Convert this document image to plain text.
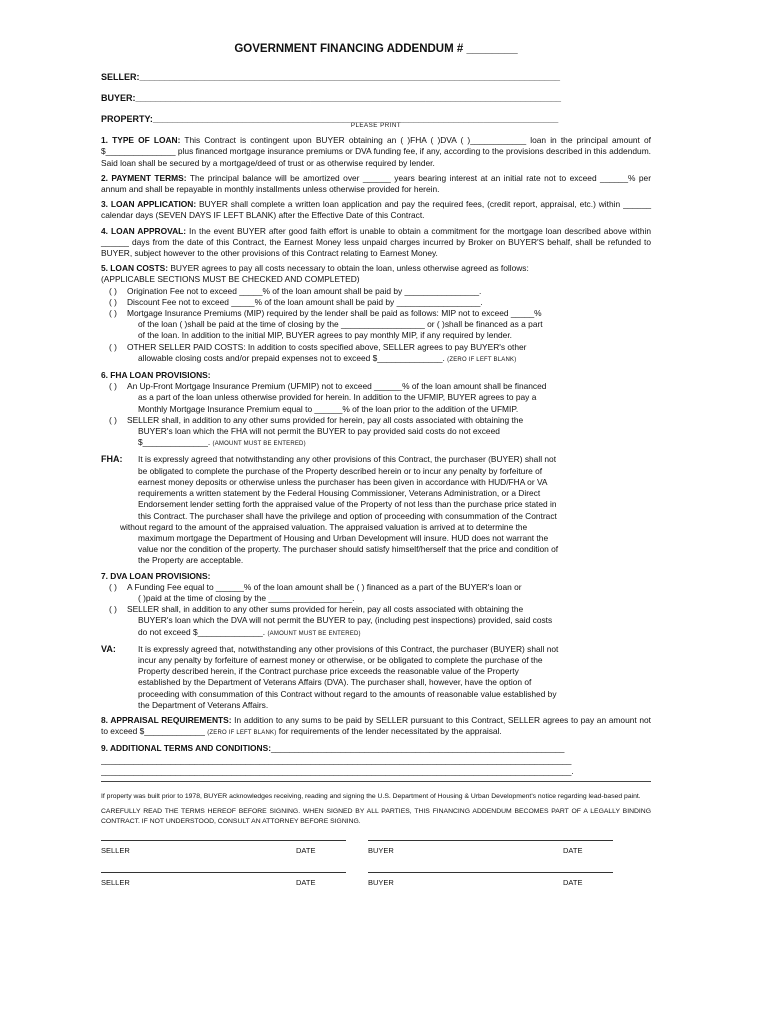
GOVERNMENT FINANCING ADDENDUM # ________
SELLER:____________________________________________________________________________________
BUYER:_____________________________________________________________________________________
PROPERTY:_________________________________________________________________________________
PLEASE PRINT

1. TYPE OF LOAN: This Contract is contingent upon BUYER obtaining an ( )FHA ( )DVA ( )____________ loan in the principal amount of $_______________ plus financed mortgage insurance premiums or DVA funding fee, if any, according to the provisions described in this addendum. Said loan shall be secured by a mortgage/deed of trust or as otherwise required by lender.

2. PAYMENT TERMS: The principal balance will be amortized over ______ years bearing interest at an initial rate not to exceed ______% per annum and shall be repayable in monthly installments unless otherwise provided for herein.

3. LOAN APPLICATION: BUYER shall complete a written loan application and pay the required fees, (credit report, appraisal, etc.) within ______ calendar days (SEVEN DAYS IF LEFT BLANK) after the Effective Date of this Contract.

4. LOAN APPROVAL: In the event BUYER after good faith effort is unable to obtain a commitment for the mortgage loan described above within ______ days from the date of this Contract, the Earnest Money less unpaid charges incurred by Broker on BUYER'S behalf, shall be refunded to BUYER, subject however to the other provisions of this Contract relating to Earnest Money.

5. LOAN COSTS: BUYER agrees to pay all costs necessary to obtain the loan, unless otherwise agreed as follows:

(APPLICABLE SECTIONS MUST BE CHECKED AND COMPLETED)
( )	Origination Fee not to exceed _____% of the loan amount shall be paid by ________________.
( )	Discount Fee not to exceed _____% of the loan amount shall be paid by __________________.
( )	Mortgage Insurance Premiums (MIP) required by the lender shall be paid as follows: MIP not to exceed _____%
of the loan ( )shall be paid at the time of closing by the __________________ or ( )shall be financed as a part
of the loan. In addition to the initial MIP, BUYER agrees to pay monthly MIP, if any required by lender.
( )	OTHER SELLER PAID COSTS: In addition to costs specified above, SELLER agrees to pay BUYER's other
allowable closing costs and/or prepaid expenses not to exceed $______________. (ZERO IF LEFT BLANK)
6. FHA LOAN PROVISIONS:
( )	An Up-Front Mortgage Insurance Premium (UFMIP) not to exceed ______% of the loan amount shall be financed
as a part of the loan unless otherwise provided for herein. In addition to the UFMIP, BUYER agrees to pay a
Monthly Mortgage Insurance Premium equal to ______% of the loan prior to the addition of the UFMIP.
( )	SELLER shall, in addition to any other sums provided for herein, pay all costs associated with obtaining the
BUYER's loan which the FHA will not permit the BUYER to pay provided said costs do not exceed
$______________. (AMOUNT MUST BE ENTERED)
FHA:	It is expressly agreed that notwithstanding any other provisions of this Contract, the purchaser (BUYER) shall not
be obligated to complete the purchase of the Property described herein or to incur any penalty by forfeiture of
earnest money deposits or otherwise unless the purchaser has been given in accordance with HUD/FHA or VA
requirements a written statement by the Federal Housing Commissioner, Veterans Administration, or a Direct
Endorsement lender setting forth the appraised value of the Property of not less than the purchase price stated in
this Contract. The purchaser shall have the privilege and option of proceeding with consummation of the Contract
without regard to the amount of the appraised valuation. The appraised valuation is arrived at to determine the
maximum mortgage the Department of Housing and Urban Development will insure. HUD does not warrant the
value nor the condition of the property. The purchaser should satisfy himself/herself that the price and condition of
the Property are acceptable.
7. DVA LOAN PROVISIONS:
( )	A Funding Fee equal to ______% of the loan amount shall be ( ) financed as a part of the BUYER's loan or
( )paid at the time of closing by the __________________.
( )	SELLER shall, in addition to any other sums provided for herein, pay all costs associated with obtaining the
BUYER's loan which the DVA will not permit the BUYER to pay, (including pest inspections) provided, said costs
do not exceed $______________. (AMOUNT MUST BE ENTERED)
VA:	It is expressly agreed that, notwithstanding any other provisions of this Contract, the purchaser (BUYER) shall not
incur any penalty by forfeiture of earnest money or otherwise, or be obligated to complete the purchase of the
Property described herein, if the Contract purchase price exceeds the reasonable value of the Property
established by the Department of Veterans Affairs (DVA). The purchaser shall, however, have the option of
proceeding with consummation of this Contract without regard to the amounts of reasonable value established by
the Department of Veterans Affairs.

8. APPRAISAL REQUIREMENTS: In addition to any sums to be paid by SELLER pursuant to this Contract, SELLER agrees to pay an amount not to exceed $_____________ (ZERO IF LEFT BLANK) for requirements of the lender necessitated by the appraisal.

9. ADDITIONAL TERMS AND CONDITIONS:_______________________________________________________________
_____________________________________________________________________________________________________
_____________________________________________________________________________________________________.

If property was built prior to 1978, BUYER acknowledges receiving, reading and signing the U.S. Department of Housing & Urban Development's notice regarding lead-based paint.

CAREFULLY READ THE TERMS HEREOF BEFORE SIGNING. WHEN SIGNED BY ALL PARTIES, THIS FINANCING ADDENDUM BECOMES PART OF A LEGALLY BINDING CONTRACT. IF NOT UNDERSTOOD, CONSULT AN ATTORNEY BEFORE SIGNING.

SELLER	DATE	BUYER	DATE
SELLER	DATE	BUYER	DATE
